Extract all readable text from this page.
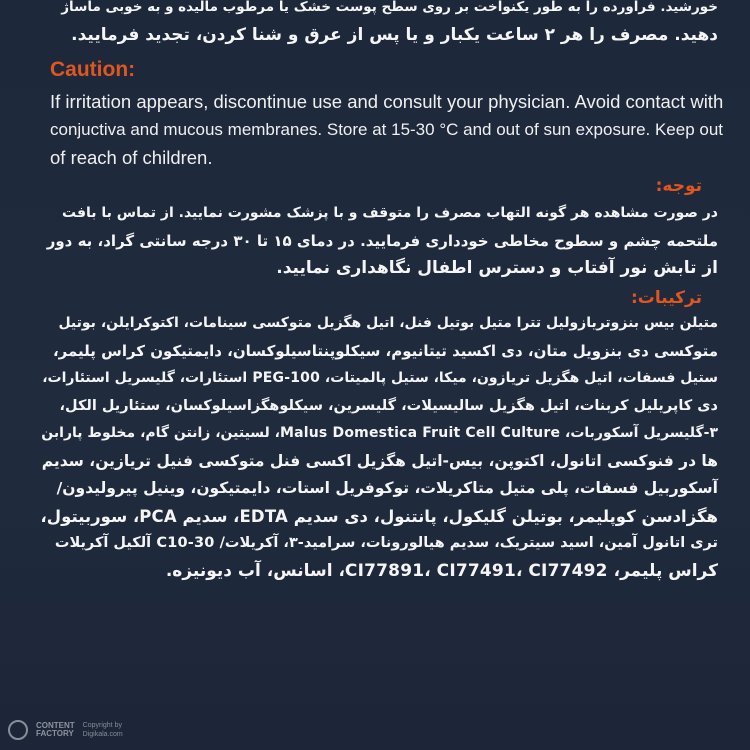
خورشید. فرآورده را به طور یکنواخت بر روی سطح پوست خشک یا مرطوب مالیده و به خوبی ماساژ

دهید. مصرف را هر ۲ ساعت یکبار و یا پس از عرق و شنا کردن، تجدید فرمایید.

Caution:

If irritation appears, discontinue use and consult your physician. Avoid contact with

conjuctiva and mucous membranes. Store at 15-30 °C and out of sun exposure. Keep out

of reach of children.

توجه:

در صورت مشاهده هر گونه التهاب مصرف را متوقف و با پزشک مشورت نمایید. از تماس با بافت

ملتحمه چشم و سطوح مخاطی خودداری فرمایید. در دمای ۱۵ تا ۳۰ درجه سانتی گراد، به دور

از تابش نور آفتاب و دسترس اطفال نگاهداری نمایید.

ترکیبات:

متیلن بیس بنزوتریازولیل تترا متیل بوتیل فنل، اتیل هگزیل متوکسی سینامات، اکتوکرایلن، بوتیل

متوکسی دی بنزویل متان، دی اکسید تیتانیوم، سیکلوپنتاسیلوکسان، دایمتیکون کراس پلیمر،

ستیل فسفات، اتیل هگزیل تریازون، میکا، ستیل پالمیتات، PEG-100 استئارات، گلیسریل استئارات،

دی کاپریلیل کربنات، اتیل هگزیل سالیسیلات، گلیسرین، سیکلوهگزاسیلوکسان، ستئاریل الکل،

۳-گلیسریل آسکوربات، Malus Domestica Fruit Cell Culture، لسیتین، زانتن گام، مخلوط پارابن

ها در فنوکسی اتانول، اکتوپن، بیس-اتیل هگزیل اکسی فنل متوکسی فنیل تریازین، سدیم

آسکوربیل فسفات، پلی متیل متاکریلات، توکوفریل استات، دایمتیکون، وینیل پیرولیدون/

هگزادسن کوپلیمر، بوتیلن گلیکول، پانتنول، دی سدیم EDTA، سدیم PCA، سوربیتول،

تری اتانول آمین، اسید سیتریک، سدیم هیالورونات، سرامید-۳، آکریلات/ C10-30 آلکیل آکریلات

کراس پلیمر، CI77891، CI77491، CI77492، اسانس، آب دیونیزه.

CONTENT
FACTORY
Copyright by
Digikala.com
